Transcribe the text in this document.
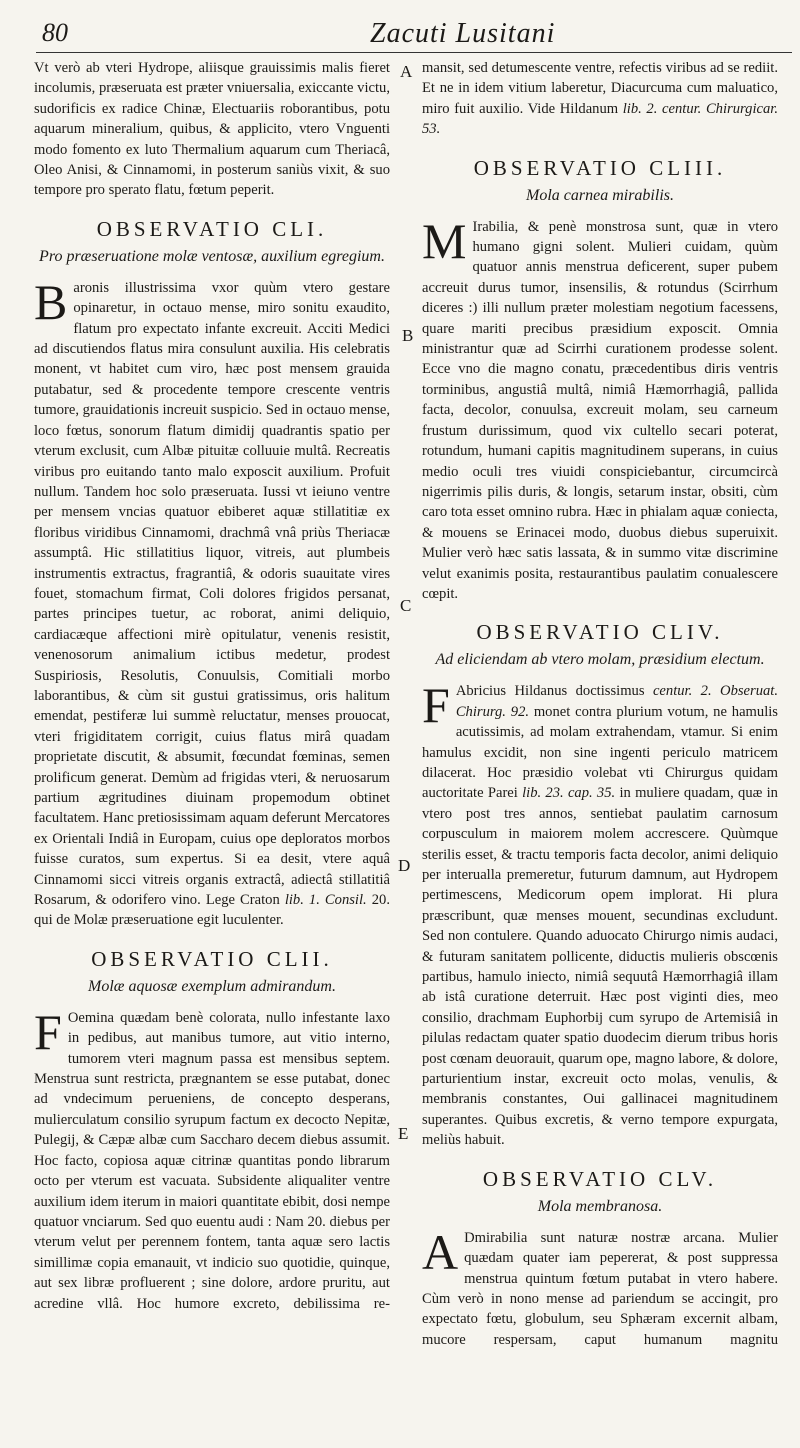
80	Zacuti Lusitani
A
B
C
D
E

Vt verò ab vteri Hydrope, aliisque grauissimis malis fieret incolumis, præseruata est præter vniuersalia, exiccante victu, sudorificis ex radice Chinæ, Electuariis roborantibus, potu aquarum mineralium, quibus, & applicito, vtero Vnguenti modo fomento ex luto Thermalium aquarum cum Theriacâ, Oleo Anisi, & Cinnamomi, in posterum saniùs vixit, & suo tempore pro sperato flatu, fœtum peperit.

OBSERVATIO CLI.
Pro præseruatione molæ ventosæ, auxilium egregium.

Baronis illustrissima vxor quùm vtero gestare opinaretur, in octauo mense, miro sonitu exaudito, flatum pro expectato infante excreuit. Acciti Medici ad discutiendos flatus mira consulunt auxilia. His celebratis monent, vt habitet cum viro, hæc post mensem grauida putabatur, sed & procedente tempore crescente ventris tumore, grauidationis increuit suspicio. Sed in octauo mense, loco fœtus, sonorum flatum dimidij quadrantis spatio per vterum exclusit, cum Albæ pituitæ colluuie multâ. Recreatis viribus pro euitando tanto malo exposcit auxilium. Profuit nullum. Tandem hoc solo præseruata. Iussi vt ieiuno ventre per mensem vncias quatuor ebiberet aquæ stillatitiæ ex floribus viridibus Cinnamomi, drachmâ vnâ priùs Theriacæ assumptâ. Hic stillatitius liquor, vitreis, aut plumbeis instrumentis extractus, fragrantiâ, & odoris suauitate vires fouet, stomachum firmat, Coli dolores frigidos persanat, partes principes tuetur, ac roborat, animi deliquio, cardiacæque affectioni mirè opitulatur, venenis resistit, venenosorum animalium ictibus medetur, prodest Suspiriosis, Resolutis, Conuulsis, Comitiali morbo laborantibus, & cùm sit gustui gratissimus, oris halitum emendat, pestiferæ lui summè reluctatur, menses prouocat, vteri frigiditatem corrigit, cuius flatus mirâ quadam proprietate discutit, & absumit, fœcundat fœminas, semen prolificum generat. Demùm ad frigidas vteri, & neruosarum partium ægritudines diuinam propemodum obtinet facultatem. Hanc pretiosissimam aquam deferunt Mercatores ex Orientali Indiâ in Europam, cuius ope deploratos morbos fuisse curatos, sum expertus. Si ea desit, vtere aquâ Cinnamomi sicci vitreis organis extractâ, adiectâ stillatitiâ Rosarum, & odorifero vino. Lege Craton lib. 1. Consil. 20. qui de Molæ præseruatione egit luculenter.

OBSERVATIO CLII.
Molæ aquosæ exemplum admirandum.

F Oemina quædam benè colorata, nullo infestante laxo in pedibus, aut manibus tumore, aut vitio interno, tumorem vteri magnum passa est mensibus septem. Menstrua sunt restricta, prægnantem se esse putabat, donec ad vndecimum perueniens, de concepto desperans, mulierculatum consilio syrupum factum ex decocto Nepitæ, Pulegij, & Cæpæ albæ cum Saccharo decem diebus assumit. Hoc facto, copiosa aquæ citrinæ quantitas pondo librarum octo per vterum est vacuata. Subsidente aliqualiter ventre auxilium idem iterum in maiori quantitate ebibit, dosi nempe quatuor vnciarum. Sed quo euentu audi : Nam 20. diebus per vterum velut per perennem fontem, tanta aquæ sero lactis simillimæ copia emanauit, vt indicio suo quotidie, quinque, aut sex libræ profluerent ; sine dolore, ardore pruritu, aut acredine vllâ. Hoc humore excreto, debilissima re-

mansit, sed detumescente ventre, refectis viribus ad se rediit. Et ne in idem vitium laberetur, Diacurcuma cum maluatico, miro fuit auxilio. Vide Hildanum lib. 2. centur. Chirurgicar. 53.

OBSERVATIO CLIII.
Mola carnea mirabilis.

M Irabilia, & penè monstrosa sunt, quæ in vtero humano gigni solent. Mulieri cuidam, quùm quatuor annis menstrua deficerent, super pubem accreuit durus tumor, insensilis, & rotundus (Scirrhum diceres :) illi nullum præter molestiam negotium facessens, quare mariti precibus præsidium exposcit. Omnia ministrantur quæ ad Scirrhi curationem prodesse solent. Ecce vno die magno conatu, præcedentibus diris ventris torminibus, angustiâ multâ, nimiâ Hæmorrhagiâ, pallida facta, decolor, conuulsa, excreuit molam, seu carneum frustum durissimum, quod vix cultello secari poterat, rotundum, humani capitis magnitudinem superans, in cuius medio oculi tres viuidi conspiciebantur, circumcircà nigerrimis pilis duris, & longis, setarum instar, obsiti, cùm caro tota esset omnino rubra. Hæc in phialam aquæ coniecta, & mouens se Erinacei modo, duobus diebus superuixit. Mulier verò hæc satis lassata, & in summo vitæ discrimine velut exanimis posita, restaurantibus paulatim conualescere cœpit.

OBSERVATIO CLIV.
Ad eliciendam ab vtero molam, præsidium electum.

F Abricius Hildanus doctissimus centur. 2. Obseruat. Chirurg. 92. monet contra plurium votum, ne hamulis acutissimis, ad molam extrahendam, vtamur. Si enim hamulus excidit, non sine ingenti periculo matricem dilacerat. Hoc præsidio volebat vti Chirurgus quidam auctoritate Parei lib. 23. cap. 35. in muliere quadam, quæ in vtero post tres annos, sentiebat paulatim carnosum corpusculum in maiorem molem accrescere. Quùmque sterilis esset, & tractu temporis facta decolor, animi deliquio per interualla premeretur, futurum damnum, aut Hydropem pertimescens, Medicorum opem implorat. Hi plura præscribunt, quæ menses mouent, secundinas excludunt. Sed non contulere. Quando aduocato Chirurgo nimis audaci, & futuram sanitatem pollicente, diductis mulieris obscœnis partibus, hamulo iniecto, nimiâ sequutâ Hæmorrhagiâ illam ab istâ curatione deterruit. Hæc post viginti dies, meo consilio, drachmam Euphorbij cum syrupo de Artemisiâ in pilulas redactam quater spatio duodecim dierum tribus horis post cœnam deuorauit, quarum ope, magno labore, & dolore, parturientium instar, excreuit octo molas, venulis, & membranis constantes, Oui gallinacei magnitudinem superantes. Quibus excretis, & verno tempore expurgata, meliùs habuit.

OBSERVATIO CLV.
Mola membranosa.

A Dmirabilia sunt naturæ nostræ arcana. Mulier quædam quater iam pepererat, & post suppressa menstrua quintum fœtum putabat in vtero habere. Cùm verò in nono mense ad pariendum se accingit, pro expectato fœtu, globulum, seu Sphæram excernit albam, mucore respersam, caput humanum magnitu
